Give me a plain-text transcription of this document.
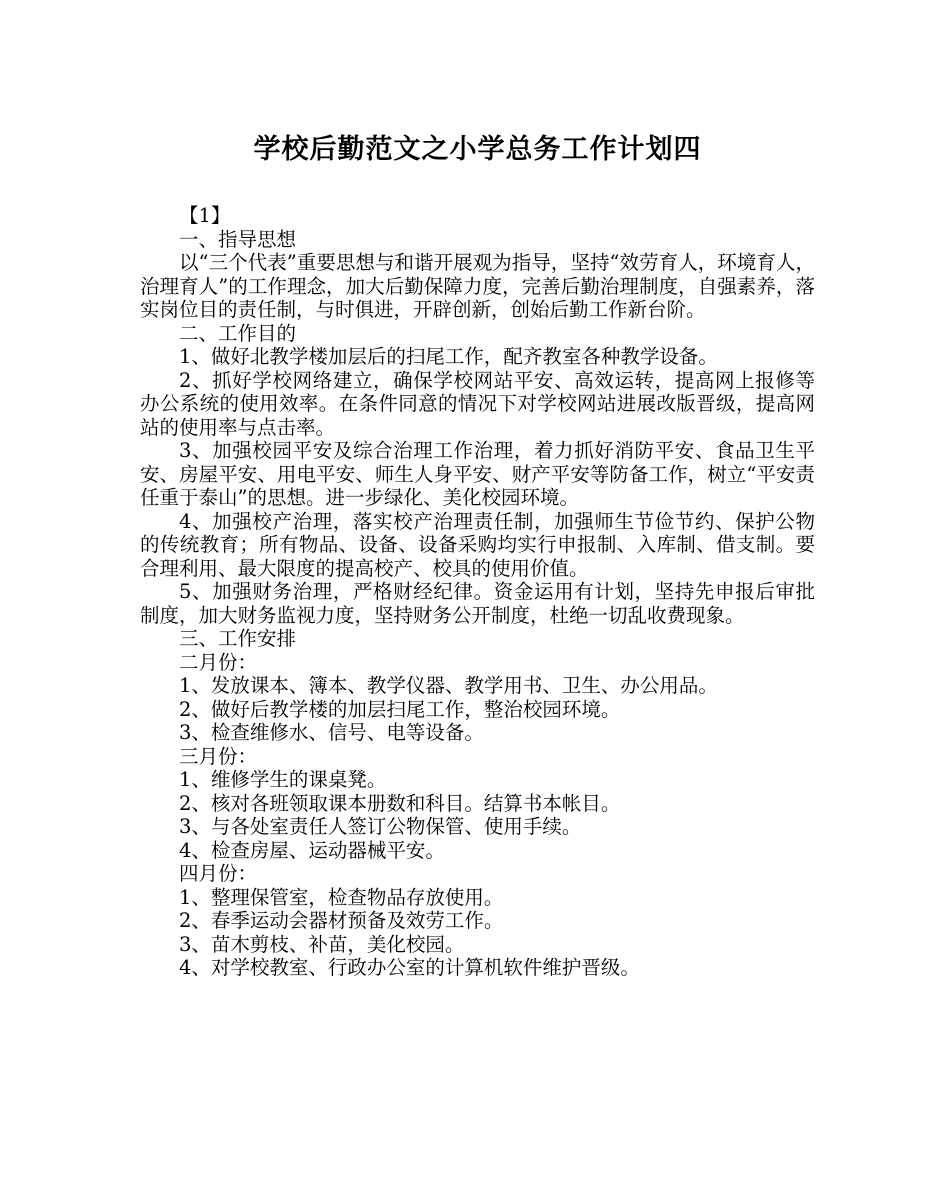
学校后勤范文之小学总务工作计划四

【1】

一、指导思想

以“三个代表”重要思想与和谐开展观为指导，坚持“效劳育人，环境育人，治理育人”的工作理念，加大后勤保障力度，完善后勤治理制度，自强素养，落实岗位目的责任制，与时俱进，开辟创新，创始后勤工作新台阶。

二、工作目的

1、做好北教学楼加层后的扫尾工作，配齐教室各种教学设备。

2、抓好学校网络建立，确保学校网站平安、高效运转，提高网上报修等办公系统的使用效率。在条件同意的情况下对学校网站进展改版晋级，提高网站的使用率与点击率。

3、加强校园平安及综合治理工作治理，着力抓好消防平安、食品卫生平安、房屋平安、用电平安、师生人身平安、财产平安等防备工作，树立“平安责任重于泰山”的思想。进一步绿化、美化校园环境。

4、加强校产治理，落实校产治理责任制，加强师生节俭节约、保护公物的传统教育；所有物品、设备、设备采购均实行申报制、入库制、借支制。要合理利用、最大限度的提高校产、校具的使用价值。

5、加强财务治理，严格财经纪律。资金运用有计划，坚持先申报后审批制度，加大财务监视力度，坚持财务公开制度，杜绝一切乱收费现象。

三、工作安排

二月份：

1、发放课本、簿本、教学仪器、教学用书、卫生、办公用品。

2、做好后教学楼的加层扫尾工作，整治校园环境。

3、检查维修水、信号、电等设备。

三月份：

1、维修学生的课桌凳。

2、核对各班领取课本册数和科目。结算书本帐目。

3、与各处室责任人签订公物保管、使用手续。

4、检查房屋、运动器械平安。

四月份：

1、整理保管室，检查物品存放使用。

2、春季运动会器材预备及效劳工作。

3、苗木剪枝、补苗，美化校园。

4、对学校教室、行政办公室的计算机软件维护晋级。
